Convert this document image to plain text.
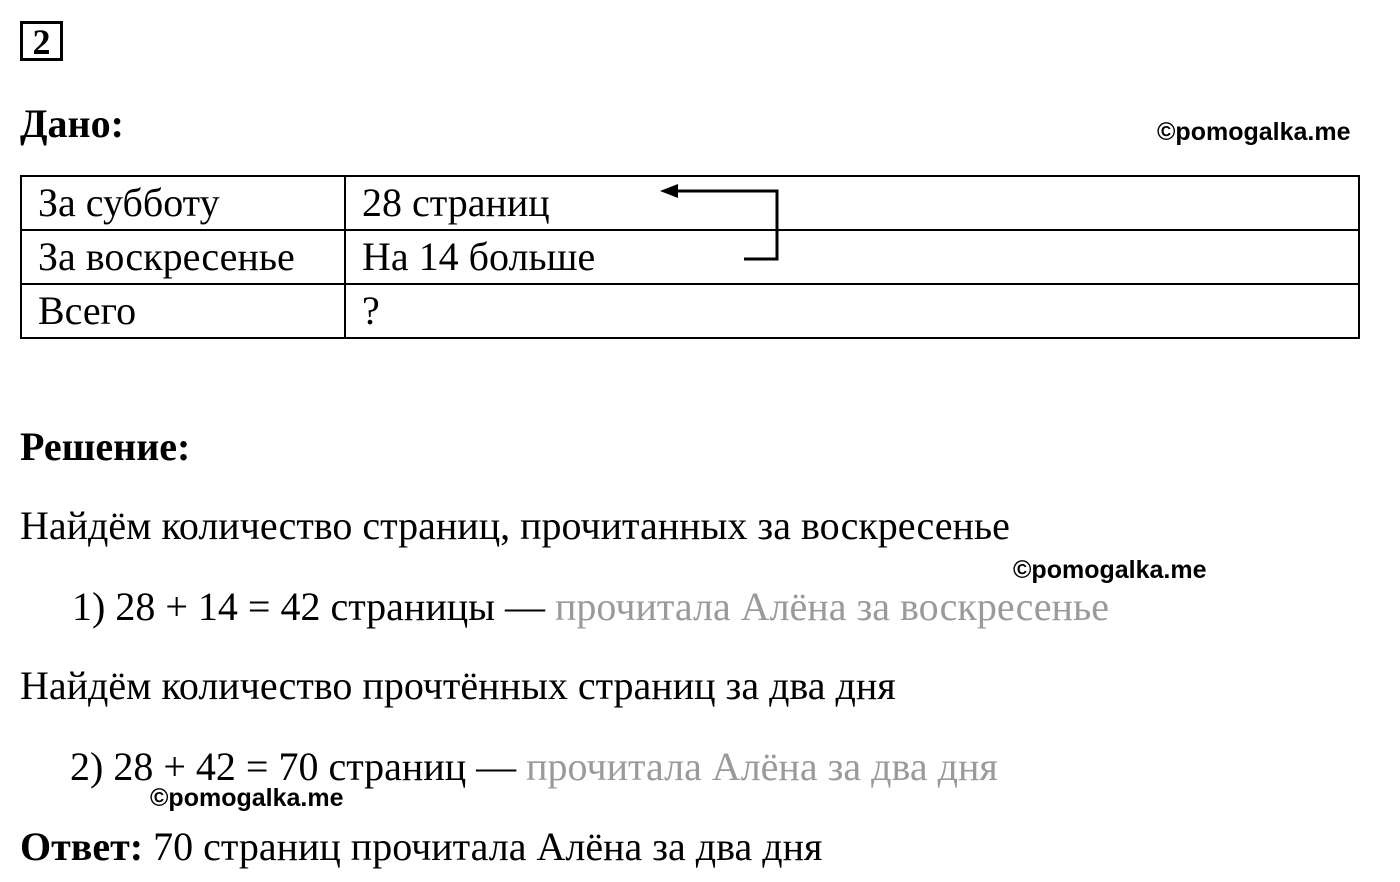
2
Дано:	©pomogalka.me
За субботу	28 страниц
За воскресенье	На 14 больше
Всего	?
Решение:
Найдём количество страниц, прочитанных за воскресенье
©pomogalka.me
1) 28 + 14 = 42 страницы — прочитала Алёна за воскресенье
Найдём количество прочтённых страниц за два дня
2) 28 + 42 = 70 страниц — прочитала Алёна за два дня
©pomogalka.me
Ответ: 70 страниц прочитала Алёна за два дня
